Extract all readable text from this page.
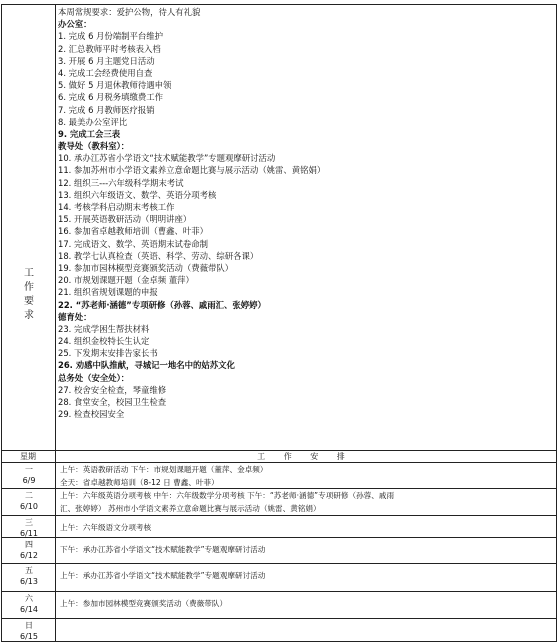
工
作
要
求
本周常规要求：爱护公物，待人有礼貌
办公室：
1. 完成 6 月份端制平台维护
2. 汇总教师平时考核表入档
3. 开展 6 月主题党日活动
4. 完成工会经费使用自查
5. 做好 5 月退休教师待遇申领
6. 完成 6 月税务填缴费工作
7. 完成 6 月教师医疗报销
8. 最美办公室评比
9. 完成工会三表
教导处（教科室）：
10. 承办江苏省小学语文“技术赋能教学”专题观摩研讨活动
11. 参加苏州市小学语文素养立意命题比赛与展示活动（姚雷、黄铭娟）
12. 组织三---六年级科学期末考试
13. 组织六年级语文、数学、英语分项考核
14. 考核学科启动期末考核工作
15. 开展英语教研活动（明明讲座）
16. 参加省卓越教师培训（曹鑫、叶菲）
17. 完成语文、数学、英语期末试卷命制
18. 教学七认真检查（英语、科学、劳动、综研各课）
19. 参加市园林模型竞赛颁奖活动（费薇带队）
20. 市规划课题开题（金卓频 董萍）
21. 组织省规划课题的申报
22. “苏老师·涵德”专项研修（孙蓉、戚雨汇、张婷婷）
德育处：
23. 完成学困生帮扶材料
24. 组织金校特长生认定
25. 下发期末安排告家长书
26. 劝感中队推献，寻城记一地名中的姑苏文化
总务处（安全处）：
27. 校舍安全检查，琴童维修
28. 食堂安全，校园卫生检查
29. 检查校园安全
星期	工 作 安 排
一
6/9
上午：英语教研活动 下午：市规划课题开题（董萍、金卓频）
全天：省卓越教师培训（8-12 日 曹鑫、叶菲）
二
6/10
上午：六年级英语分项考核 中午：六年级数学分项考核 下午：“苏老师·涵德”专项研修（孙蓉、戚雨
汇、张婷婷） 苏州市小学语文素养立意命题比赛与展示活动（姚雷、黄铭娟）
三
6/11
上午：六年级语文分项考核
四
6/12
下午：承办江苏省小学语文“技术赋能教学”专题观摩研讨活动
五
6/13
上午：承办江苏省小学语文“技术赋能教学”专题观摩研讨活动
六
6/14
上午：参加市园林模型竞赛颁奖活动（费薇带队）
日
6/15
